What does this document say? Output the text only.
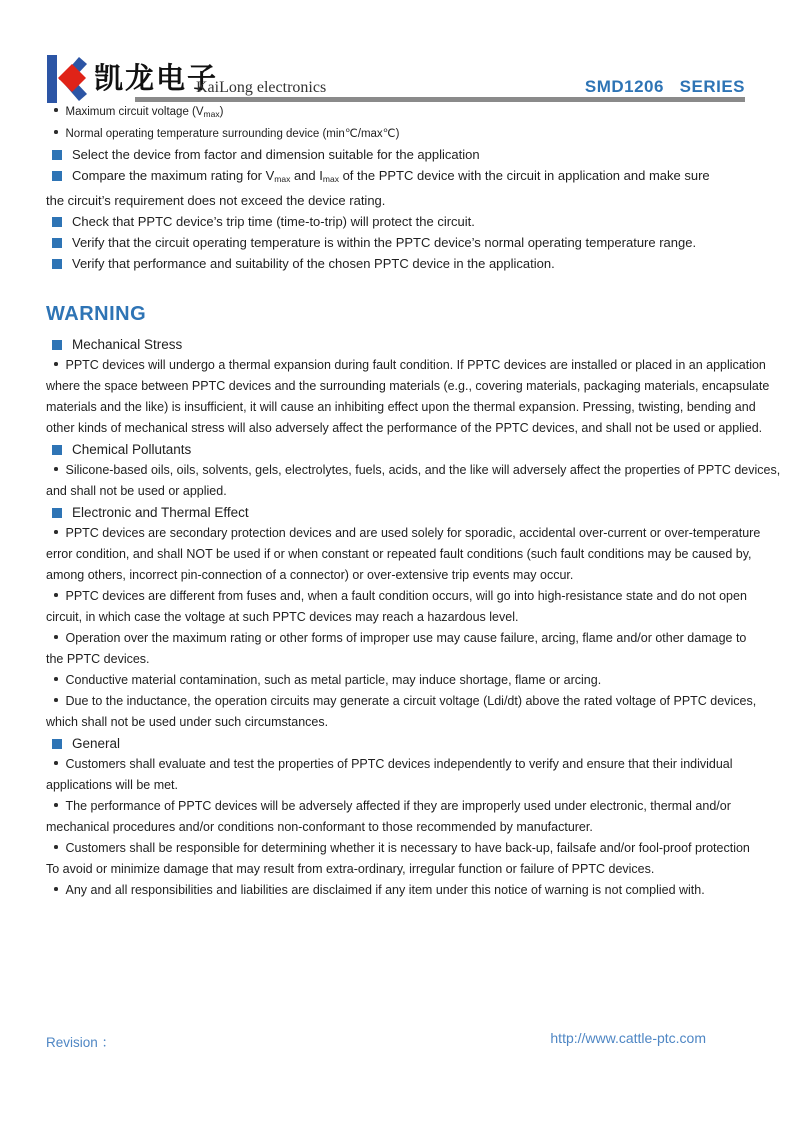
凯龙电子
KaiLong electronics	SMD1206   SERIES
Maximum circuit voltage $(V_{max})$
Normal operating temperature surrounding device (min℃/max℃)
Select the device from factor and dimension suitable for the application
Compare the maximum rating for $V_{max}$ and $I_{max}$ of the PPTC device with the circuit in application and make sure
the circuit’s requirement does not exceed the device rating.
Check that PPTC device’s trip time (time-to-trip) will protect the circuit.
Verify that the circuit operating temperature is within the PPTC device’s normal operating temperature range.
Verify that performance and suitability of the chosen PPTC device in the application.
WARNING
Mechanical Stress
PPTC devices will undergo a thermal expansion during fault condition. If PPTC devices are installed or placed in an application
where the space between PPTC devices and the surrounding materials (e.g., covering materials, packaging materials, encapsulate
materials and the like) is insufficient, it will cause an inhibiting effect upon the thermal expansion. Pressing, twisting, bending and
other kinds of mechanical stress will also adversely affect the performance of the PPTC devices, and shall not be used or applied.
Chemical Pollutants
Silicone-based oils, oils, solvents, gels, electrolytes, fuels, acids, and the like will adversely affect the properties of PPTC devices,
and shall not be used or applied.
Electronic and Thermal Effect
PPTC devices are secondary protection devices and are used solely for sporadic, accidental over-current or over-temperature
error condition, and shall NOT be used if or when constant or repeated fault conditions (such fault conditions may be caused by,
among others, incorrect pin-connection of a connector) or over-extensive trip events may occur.
PPTC devices are different from fuses and, when a fault condition occurs, will go into high-resistance state and do not open
circuit, in which case the voltage at such PPTC devices may reach a hazardous level.
Operation over the maximum rating or other forms of improper use may cause failure, arcing, flame and/or other damage to
the PPTC devices.
Conductive material contamination, such as metal particle, may induce shortage, flame or arcing.
Due to the inductance, the operation circuits may generate a circuit voltage (Ldi/dt) above the rated voltage of PPTC devices,
which shall not be used under such circumstances.
General
Customers shall evaluate and test the properties of PPTC devices independently to verify and ensure that their individual
applications will be met.
The performance of PPTC devices will be adversely affected if they are improperly used under electronic, thermal and/or
mechanical procedures and/or conditions non-conformant to those recommended by manufacturer.
Customers shall be responsible for determining whether it is necessary to have back-up, failsafe and/or fool-proof protection
To avoid or minimize damage that may result from extra-ordinary, irregular function or failure of PPTC devices.
Any and all responsibilities and liabilities are disclaimed if any item under this notice of warning is not complied with.
Revision ：	http://www.cattle-ptc.com
